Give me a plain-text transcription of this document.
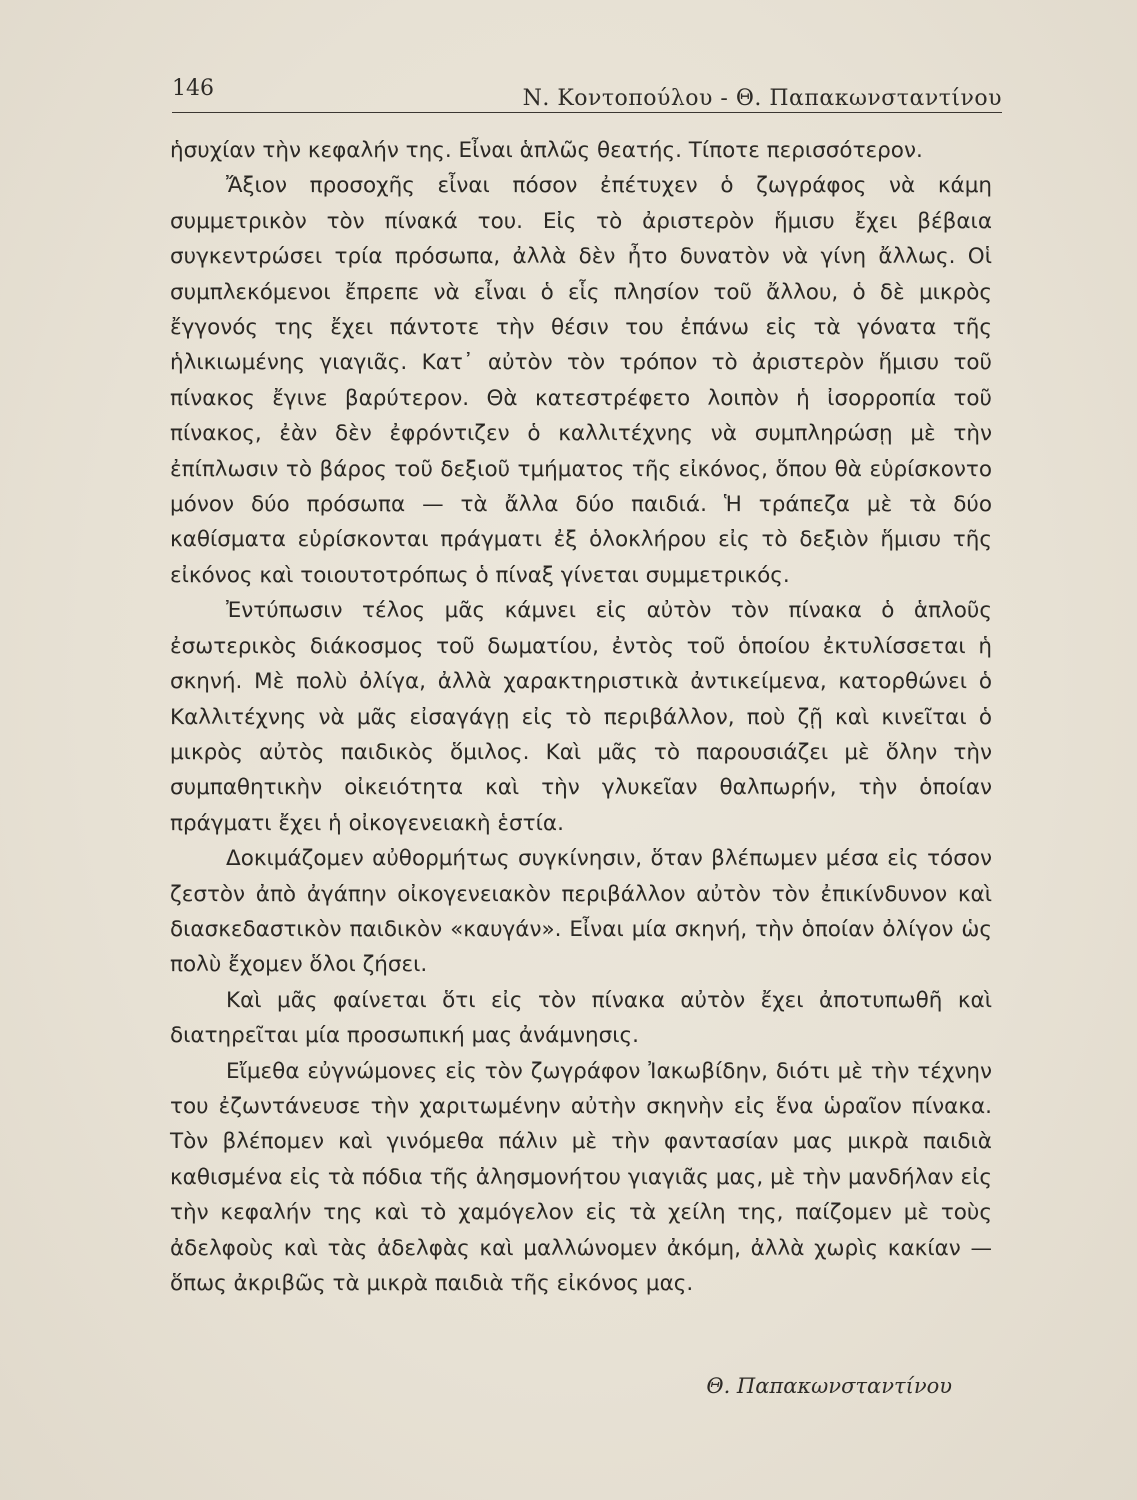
146	Ν. Κοντοπούλου - Θ. Παπακωνσταντίνου

ἡσυχίαν τὴν κεφαλήν της. Εἶναι ἁπλῶς θεατής. Τίποτε περισσότερον.

Ἄξιον προσοχῆς εἶναι πόσον ἐπέτυχεν ὁ ζωγράφος νὰ κάμη συμμετρικὸν τὸν πίνακά του. Εἰς τὸ ἀριστερὸν ἥμισυ ἔχει βέβαια συγκεντρώσει τρία πρόσωπα, ἀλλὰ δὲν ἦτο δυνατὸν νὰ γίνη ἄλλως. Οἱ συμπλεκόμενοι ἔπρεπε νὰ εἶναι ὁ εἷς πλησίον τοῦ ἄλλου, ὁ δὲ μικρὸς ἔγγονός της ἔχει πάντοτε τὴν θέσιν του ἐπάνω εἰς τὰ γόνατα τῆς ἡλικιωμένης γιαγιᾶς. Κατ᾽ αὐτὸν τὸν τρόπον τὸ ἀριστερὸν ἥμισυ τοῦ πίνακος ἔγινε βαρύτερον. Θὰ κατεστρέφετο λοιπὸν ἡ ἰσορροπία τοῦ πίνακος, ἐὰν δὲν ἐφρόντιζεν ὁ καλλιτέχνης νὰ συμπληρώσῃ μὲ τὴν ἐπίπλωσιν τὸ βάρος τοῦ δεξιοῦ τμήματος τῆς εἰκόνος, ὅπου θὰ εὑρίσκοντο μόνον δύο πρόσωπα — τὰ ἄλλα δύο παιδιά. Ἡ τράπεζα μὲ τὰ δύο καθίσματα εὑρίσκονται πράγματι ἐξ ὁλοκλήρου εἰς τὸ δεξιὸν ἥμισυ τῆς εἰκόνος καὶ τοιουτοτρόπως ὁ πίναξ γίνεται συμμετρικός.

Ἐντύπωσιν τέλος μᾶς κάμνει εἰς αὐτὸν τὸν πίνακα ὁ ἁπλοῦς ἐσωτερικὸς διάκοσμος τοῦ δωματίου, ἐντὸς τοῦ ὁποίου ἐκτυλίσσεται ἡ σκηνή. Μὲ πολὺ ὀλίγα, ἀλλὰ χαρακτηριστικὰ ἀντικείμενα, κατορθώνει ὁ Καλλιτέχνης νὰ μᾶς εἰσαγάγῃ εἰς τὸ περιβάλλον, ποὺ ζῇ καὶ κινεῖται ὁ μικρὸς αὐτὸς παιδικὸς ὅμιλος. Καὶ μᾶς τὸ παρουσιάζει μὲ ὅλην τὴν συμπαθητικὴν οἰκειότητα καὶ τὴν γλυκεῖαν θαλπωρήν, τὴν ὁποίαν πράγματι ἔχει ἡ οἰκογενειακὴ ἑστία.

Δοκιμάζομεν αὐθορμήτως συγκίνησιν, ὅταν βλέπωμεν μέσα εἰς τόσον ζεστὸν ἀπὸ ἀγάπην οἰκογενειακὸν περιβάλλον αὐτὸν τὸν ἐπικίνδυνον καὶ διασκεδαστικὸν παιδικὸν «καυγάν». Εἶναι μία σκηνή, τὴν ὁποίαν ὀλίγον ὡς πολὺ ἔχομεν ὅλοι ζήσει.

Καὶ μᾶς φαίνεται ὅτι εἰς τὸν πίνακα αὐτὸν ἔχει ἀποτυπωθῆ καὶ διατηρεῖται μία προσωπική μας ἀνάμνησις.

Εἴμεθα εὐγνώμονες εἰς τὸν ζωγράφον Ἰακωβίδην, διότι μὲ τὴν τέχνην του ἐζωντάνευσε τὴν χαριτωμένην αὐτὴν σκηνὴν εἰς ἕνα ὡραῖον πίνακα. Τὸν βλέπομεν καὶ γινόμεθα πάλιν μὲ τὴν φαντασίαν μας μικρὰ παιδιὰ καθισμένα εἰς τὰ πόδια τῆς ἀλησμονήτου γιαγιᾶς μας, μὲ τὴν μανδήλαν εἰς τὴν κεφαλήν της καὶ τὸ χαμόγελον εἰς τὰ χείλη της, παίζομεν μὲ τοὺς ἀδελφοὺς καὶ τὰς ἀδελφὰς καὶ μαλλώνομεν ἀκόμη, ἀλλὰ χωρὶς κακίαν — ὅπως ἀκριβῶς τὰ μικρὰ παιδιὰ τῆς εἰκόνος μας.

Θ. Παπακωνσταντίνου
